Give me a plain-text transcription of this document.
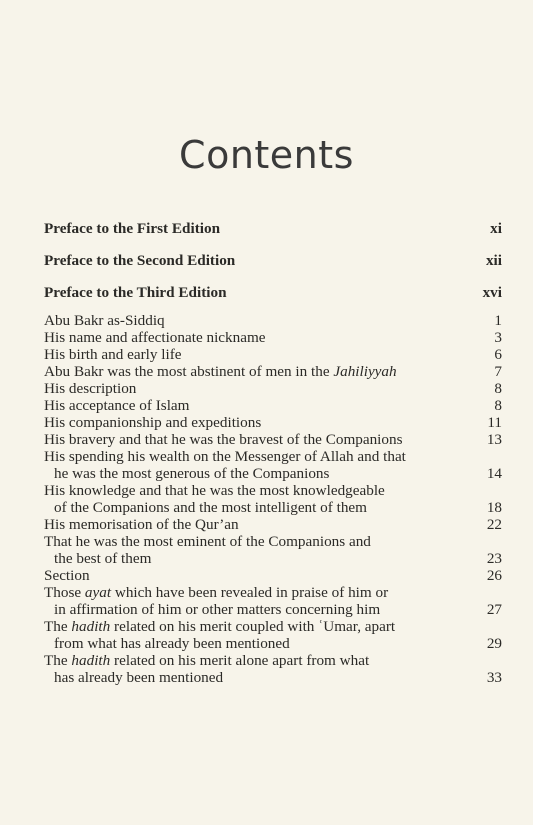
Contents
Preface to the First Edition	xi
Preface to the Second Edition	xii
Preface to the Third Edition	xvi
Abu Bakr as-Siddiq	1
His name and affectionate nickname	3
His birth and early life	6
Abu Bakr was the most abstinent of men in the Jahiliyyah	7
His description	8
His acceptance of Islam	8
His companionship and expeditions	11
His bravery and that he was the bravest of the Companions	13
His spending his wealth on the Messenger of Allah and that
he was the most generous of the Companions	14
His knowledge and that he was the most knowledgeable
of the Companions and the most intelligent of them	18
His memorisation of the Qur’an	22
That he was the most eminent of the Companions and
the best of them	23
Section	26
Those ayat which have been revealed in praise of him or
in affirmation of him or other matters concerning him	27
The hadith related on his merit coupled with ʿUmar, apart
from what has already been mentioned	29
The hadith related on his merit alone apart from what
has already been mentioned	33
